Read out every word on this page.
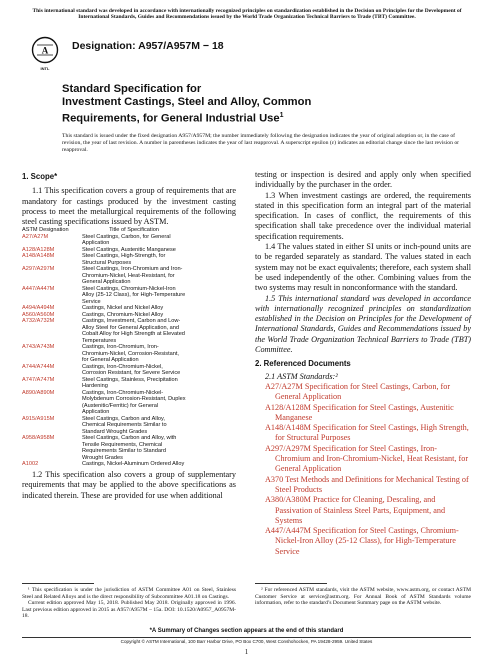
This international standard was developed in accordance with internationally recognized principles on standardization established in the Decision on Principles for the Development of International Standards, Guides and Recommendations issued by the World Trade Organization Technical Barriers to Trade (TBT) Committee.
A
INTL
Designation: A957/A957M − 18
Standard Specification for
Investment Castings, Steel and Alloy, Common
Requirements, for General Industrial Use$^1$
This standard is issued under the fixed designation A957/A957M; the number immediately following the designation indicates the year of original adoption or, in the case of revision, the year of last revision. A number in parentheses indicates the year of last reapproval. A superscript epsilon (ε) indicates an editorial change since the last revision or reapproval.

1. Scope*

1.1 This specification covers a group of requirements that are mandatory for castings produced by the investment casting process to meet the metallurgical requirements of the following steel casting specifications issued by ASTM.

ASTM Designation	Title of Specification
A27/A27M	Steel Castings, Carbon, for General Application
A128/A128M	Steel Castings, Austenitic Manganese
A148/A148M	Steel Castings, High-Strength, for Structural Purposes
A297/A297M	Steel Castings, Iron-Chromium and Iron-Chromium-Nickel, Heat-Resistant, for General Application
A447/A447M	Steel Castings, Chromium-Nickel-Iron Alloy (25-12 Class), for High-Temperature Service
A494/A494M	Castings, Nickel and Nickel Alloy
A560/A560M	Castings, Chromium-Nickel Alloy
A732/A732M	Castings, Investment, Carbon and Low-Alloy Steel for General Application, and Cobalt Alloy for High Strength at Elevated Temperatures
A743/A743M	Castings, Iron-Chromium, Iron-Chromium-Nickel, Corrosion-Resistant, for General Application
A744/A744M	Castings, Iron-Chromium-Nickel, Corrosion Resistant, for Severe Service
A747/A747M	Steel Castings, Stainless, Precipitation Hardening
A890/A890M	Castings, Iron-Chromium-Nickel-Molybdenum Corrosion-Resistant, Duplex (Austenitic/Ferritic) for General Application
A915/A915M	Steel Castings, Carbon and Alloy, Chemical Requirements Similar to Standard Wrought Grades
A958/A958M	Steel Castings, Carbon and Alloy, with Tensile Requirements, Chemical Requirements Similar to Standard Wrought Grades
A1002	Castings, Nickel-Aluminum Ordered Alloy

1.2 This specification also covers a group of supplementary requirements that may be applied to the above specifications as indicated therein. These are provided for use when additional

¹ This specification is under the jurisdiction of ASTM Committee A01 on Steel, Stainless Steel and Related Alloys and is the direct responsibility of Subcommittee A01.18 on Castings.
Current edition approved May 15, 2018. Published May 2018. Originally approved in 1996. Last previous edition approved in 2015 as A957/A957M – 15a. DOI: 10.1520/A0957_A0957M-18.

testing or inspection is desired and apply only when specified individually by the purchaser in the order.

1.3 When investment castings are ordered, the requirements stated in this specification form an integral part of the material specification. In cases of conflict, the requirements of this specification shall take precedence over the individual material specification requirements.

1.4 The values stated in either SI units or inch-pound units are to be regarded separately as standard. The values stated in each system may not be exact equivalents; therefore, each system shall be used independently of the other. Combining values from the two systems may result in nonconformance with the standard.

1.5 This international standard was developed in accordance with internationally recognized principles on standardization established in the Decision on Principles for the Development of International Standards, Guides and Recommendations issued by the World Trade Organization Technical Barriers to Trade (TBT) Committee.

2. Referenced Documents

2.1 ASTM Standards:²

A27/A27M Specification for Steel Castings, Carbon, for General Application
A128/A128M Specification for Steel Castings, Austenitic Manganese
A148/A148M Specification for Steel Castings, High Strength, for Structural Purposes
A297/A297M Specification for Steel Castings, Iron-Chromium and Iron-Chromium-Nickel, Heat Resistant, for General Application
A370 Test Methods and Definitions for Mechanical Testing of Steel Products
A380/A380M Practice for Cleaning, Descaling, and Passivation of Stainless Steel Parts, Equipment, and Systems
A447/A447M Specification for Steel Castings, Chromium-Nickel-Iron Alloy (25-12 Class), for High-Temperature Service
² For referenced ASTM standards, visit the ASTM website, www.astm.org, or contact ASTM Customer Service at service@astm.org. For Annual Book of ASTM Standards volume information, refer to the standard’s Document Summary page on the ASTM website.
*A Summary of Changes section appears at the end of this standard
Copyright © ASTM International, 100 Barr Harbor Drive, PO Box C700, West Conshohocken, PA 19428-2959. United States
1
